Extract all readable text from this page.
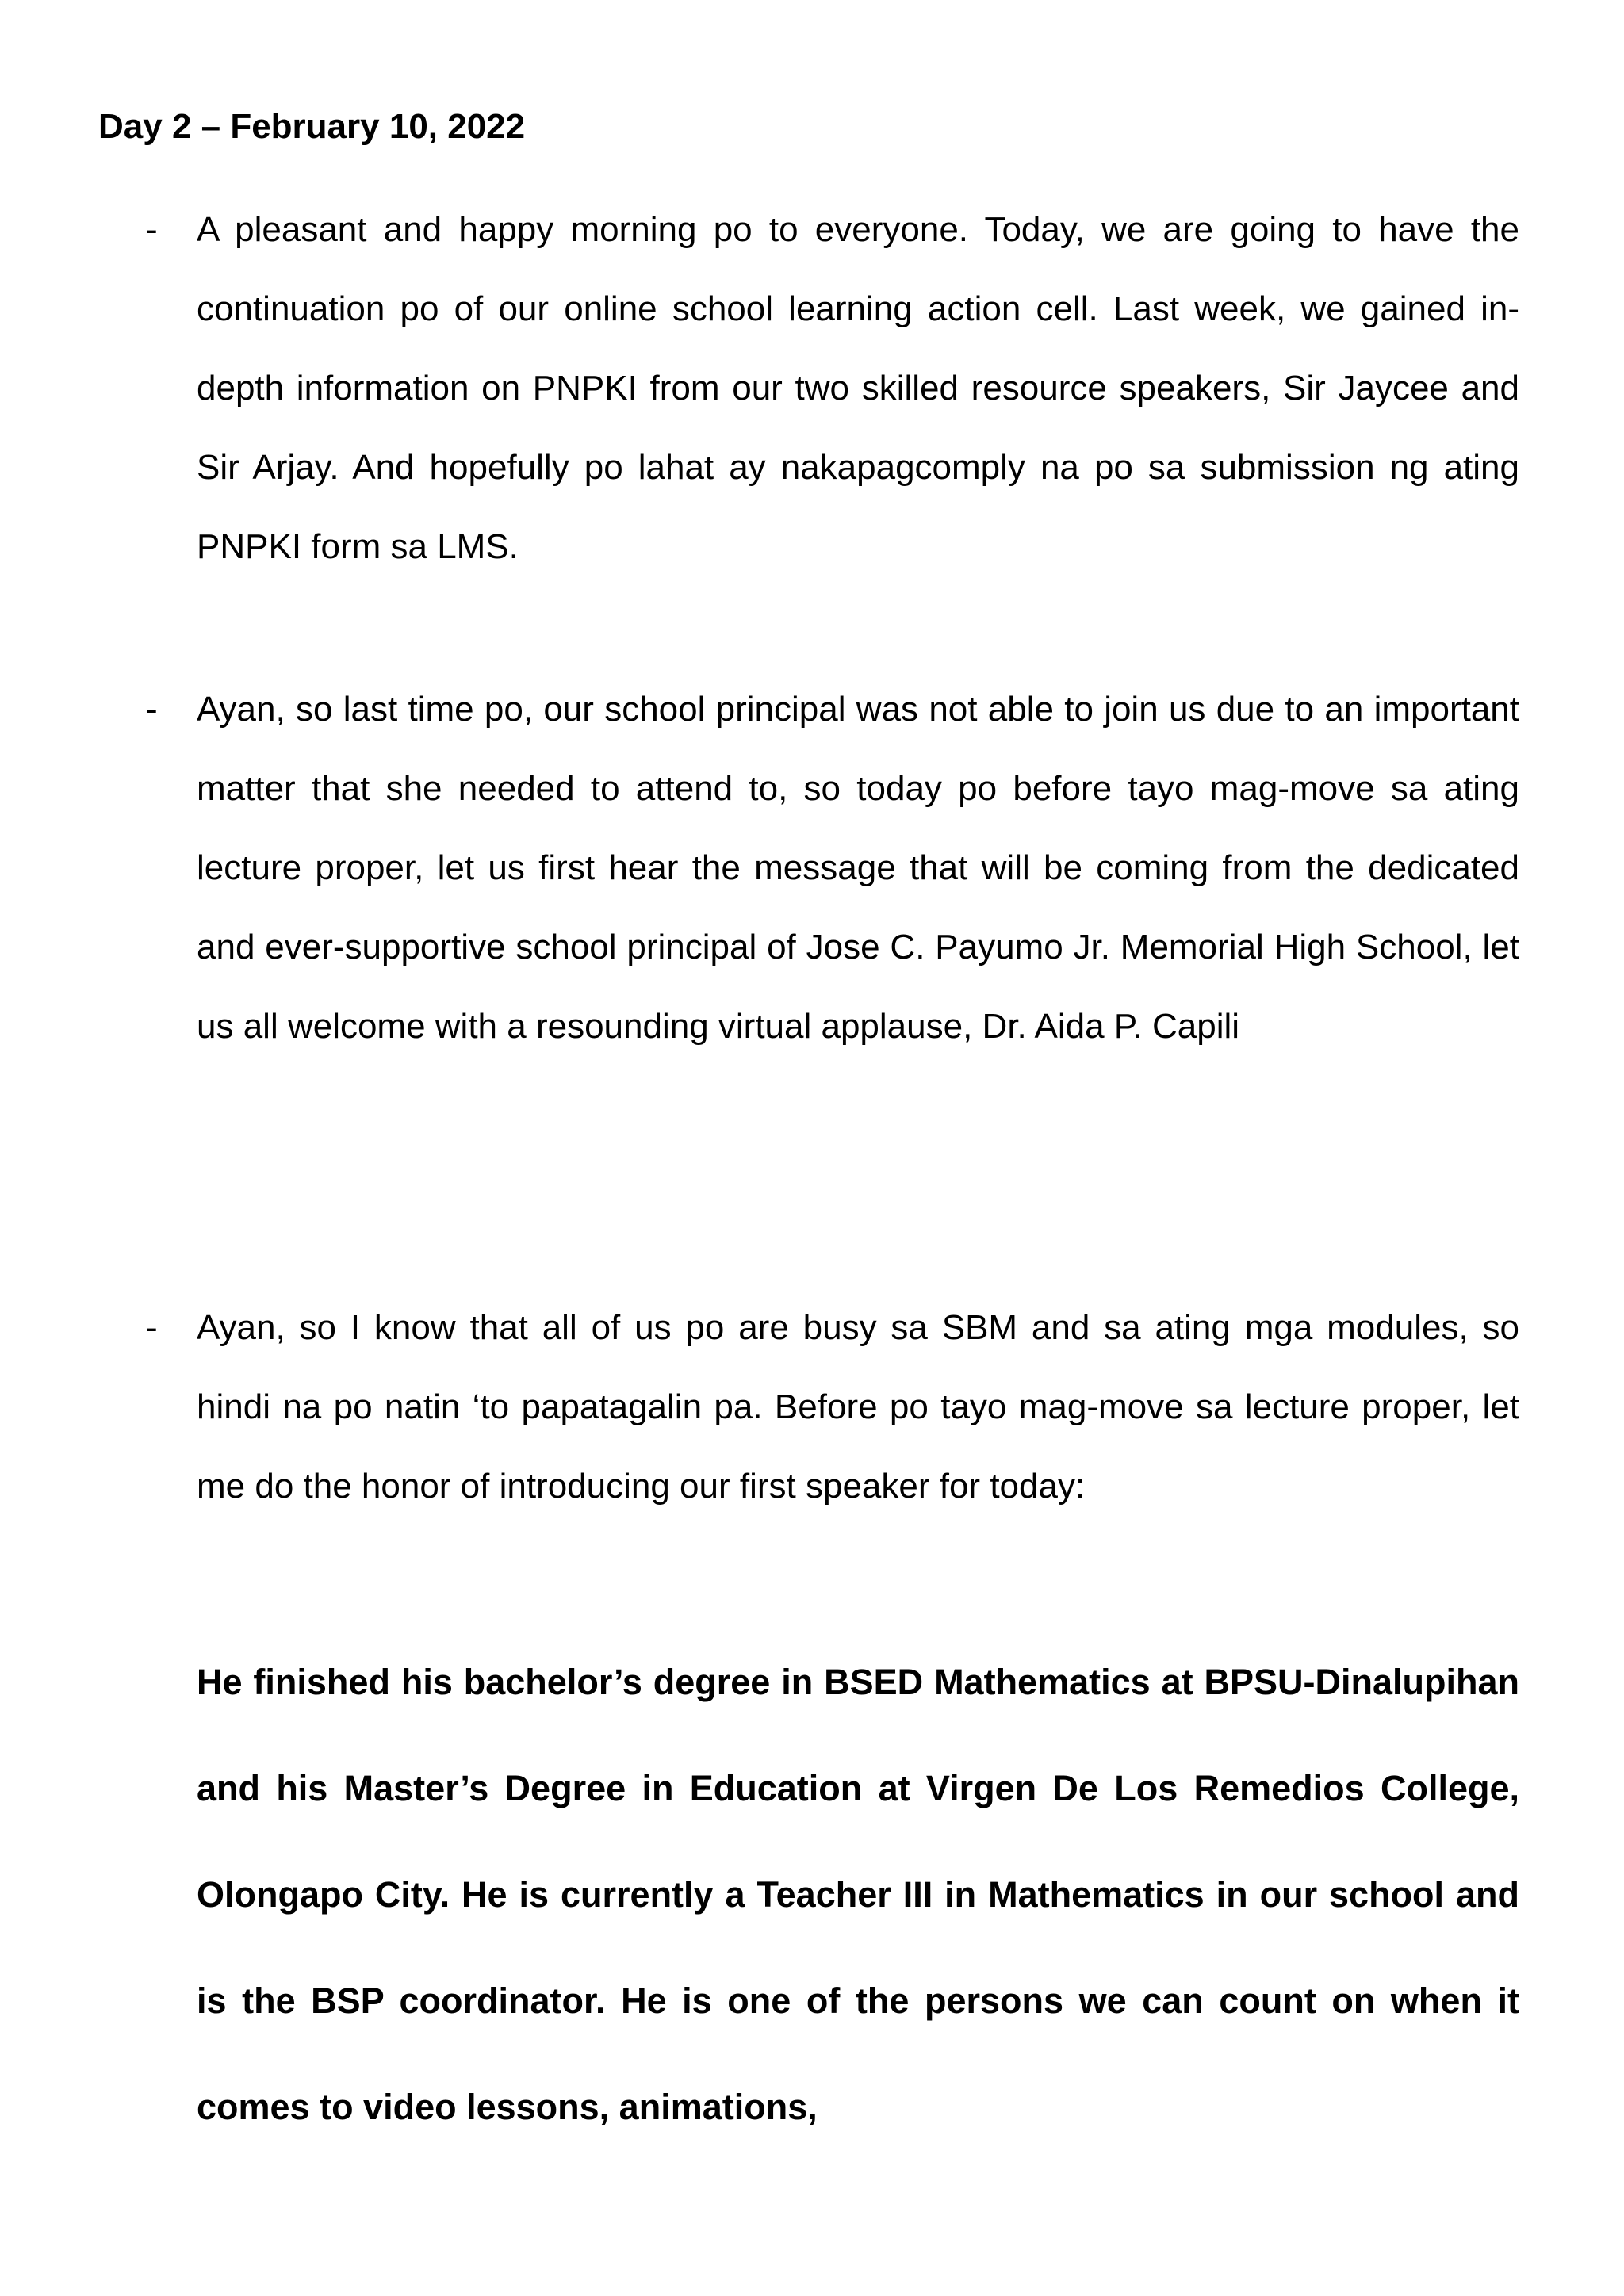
Day 2 – February 10, 2022
- A pleasant and happy morning po to everyone. Today, we are going to have the continuation po of our online school learning action cell. Last week, we gained in-depth information on PNPKI from our two skilled resource speakers, Sir Jaycee and Sir Arjay. And hopefully po lahat ay nakapagcomply na po sa submission ng ating PNPKI form sa LMS.
- Ayan, so last time po, our school principal was not able to join us due to an important matter that she needed to attend to, so today po before tayo mag-move sa ating lecture proper, let us first hear the message that will be coming from the dedicated and ever-supportive school principal of Jose C. Payumo Jr. Memorial High School, let us all welcome with a resounding virtual applause, Dr. Aida P. Capili
- Ayan, so I know that all of us po are busy sa SBM and sa ating mga modules, so hindi na po natin ‘to papatagalin pa. Before po tayo mag-move sa lecture proper, let me do the honor of introducing our first speaker for today:
He finished his bachelor’s degree in BSED Mathematics at BPSU-Dinalupihan and his Master’s Degree in Education at Virgen De Los Remedios College, Olongapo City. He is currently a Teacher III in Mathematics in our school and is the BSP coordinator. He is one of the persons we can count on when it comes to video lessons, animations,
